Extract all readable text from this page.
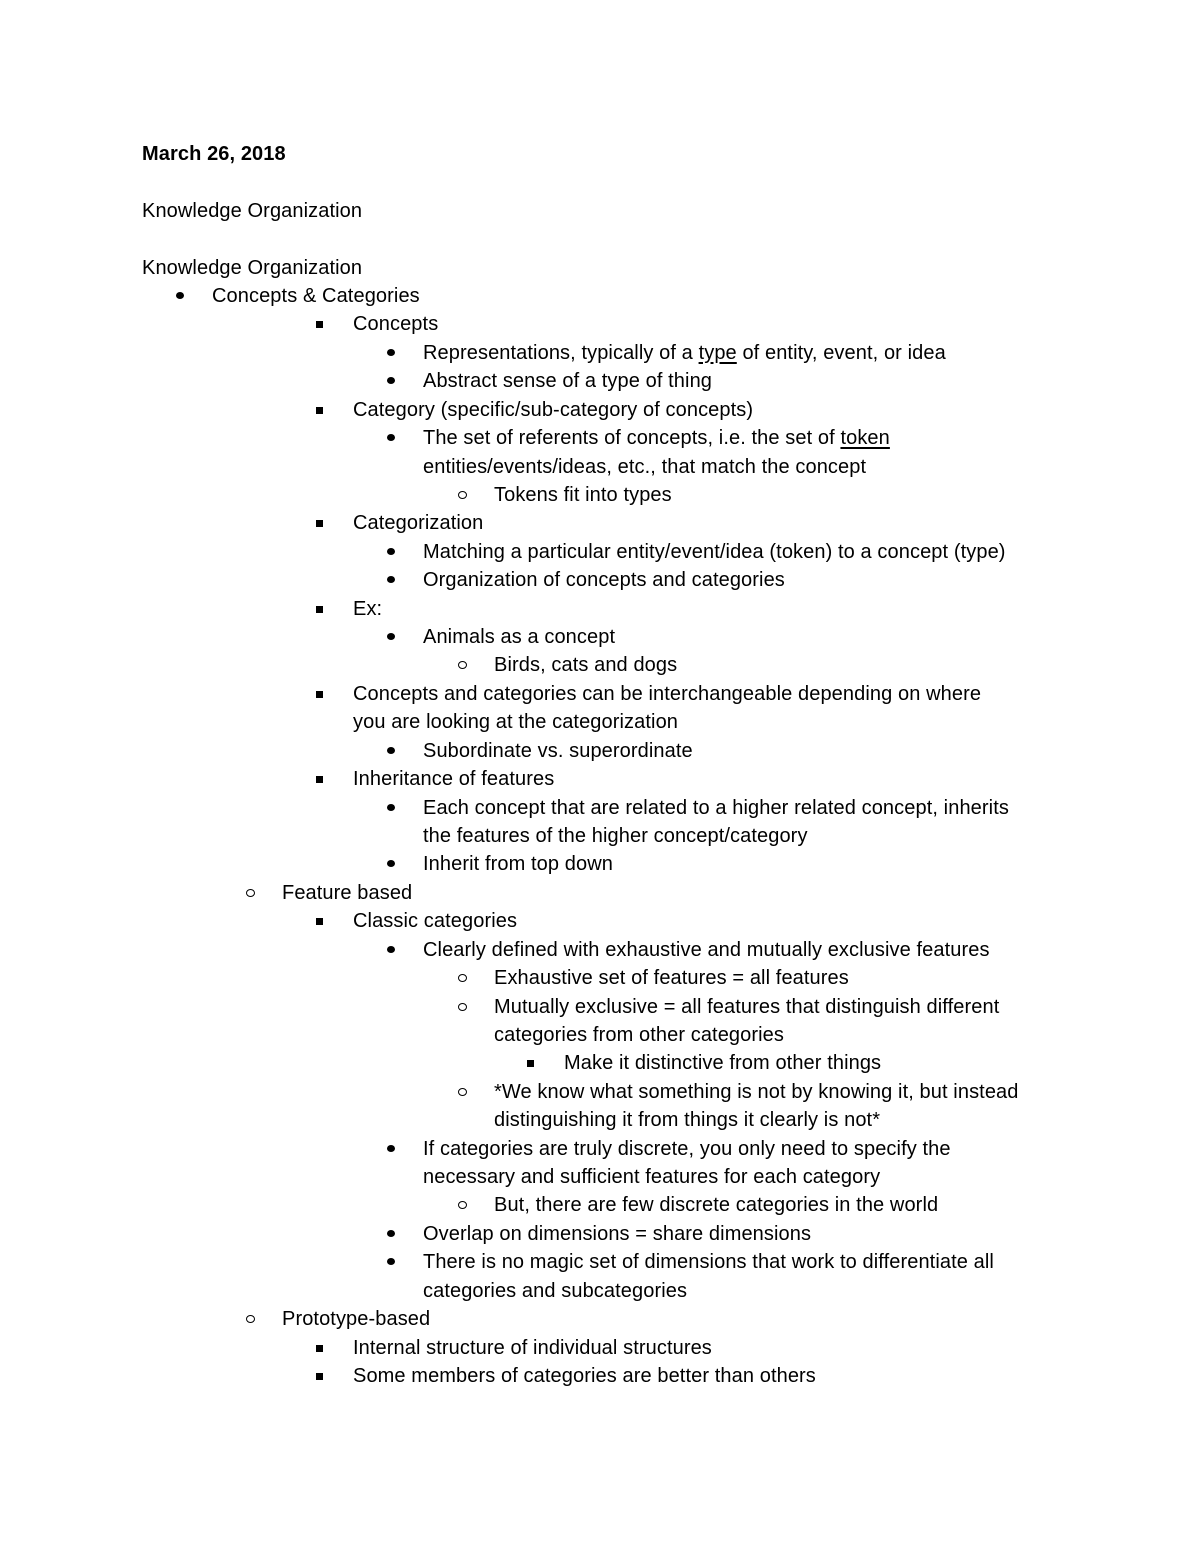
March 26, 2018
Knowledge Organization
Knowledge Organization
Concepts & Categories
Concepts
Representations, typically of a type of entity, event, or idea
Abstract sense of a type of thing
Category (specific/sub-category of concepts)
The set of referents of concepts, i.e. the set of token
entities/events/ideas, etc., that match the concept
Tokens fit into types
Categorization
Matching a particular entity/event/idea (token) to a concept (type)
Organization of concepts and categories
Ex:
Animals as a concept
Birds, cats and dogs
Concepts and categories can be interchangeable depending on where
you are looking at the categorization
Subordinate vs. superordinate
Inheritance of features
Each concept that are related to a higher related concept, inherits
the features of the higher concept/category
Inherit from top down
Feature based
Classic categories
Clearly defined with exhaustive and mutually exclusive features
Exhaustive set of features = all features
Mutually exclusive = all features that distinguish different
categories from other categories
Make it distinctive from other things
*We know what something is not by knowing it, but instead
distinguishing it from things it clearly is not*
If categories are truly discrete, you only need to specify the
necessary and sufficient features for each category
But, there are few discrete categories in the world
Overlap on dimensions = share dimensions
There is no magic set of dimensions that work to differentiate all
categories and subcategories
Prototype-based
Internal structure of individual structures
Some members of categories are better than others
